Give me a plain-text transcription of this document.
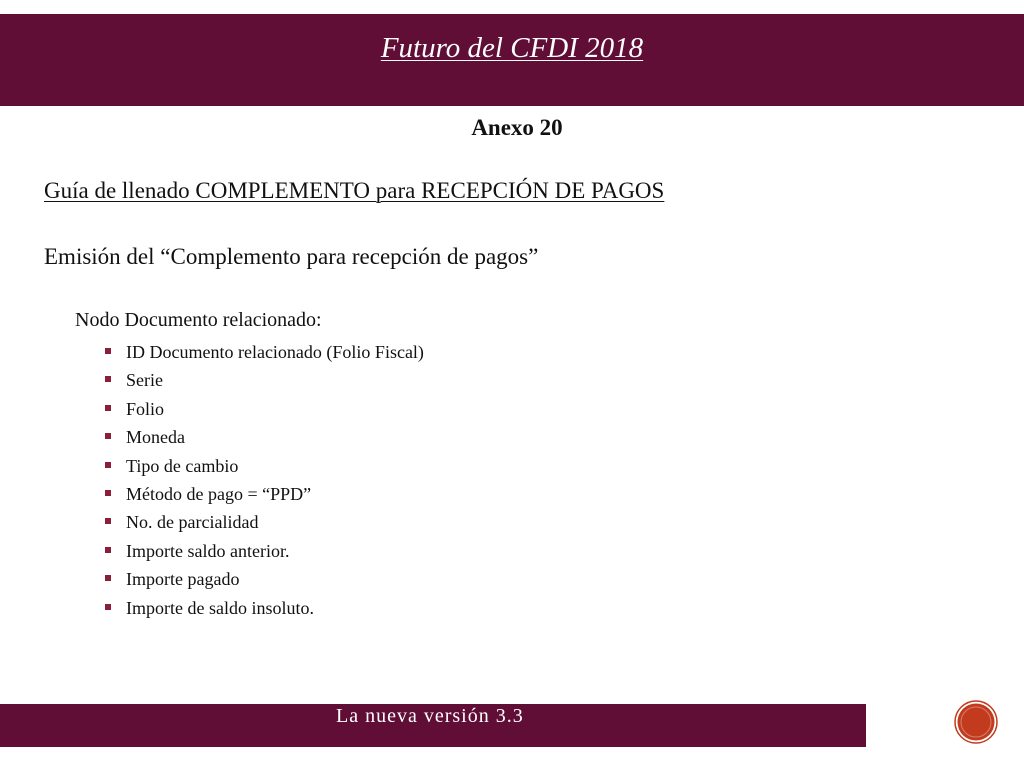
Futuro del CFDI 2018
Anexo 20
Guía de llenado COMPLEMENTO para RECEPCIÓN DE PAGOS
Emisión del “Complemento para recepción de pagos”
Nodo Documento relacionado:
ID Documento relacionado (Folio Fiscal)
Serie
Folio
Moneda
Tipo de cambio
Método de pago = “PPD”
No. de parcialidad
Importe saldo anterior.
Importe pagado
Importe de saldo insoluto.
La nueva versión 3.3
